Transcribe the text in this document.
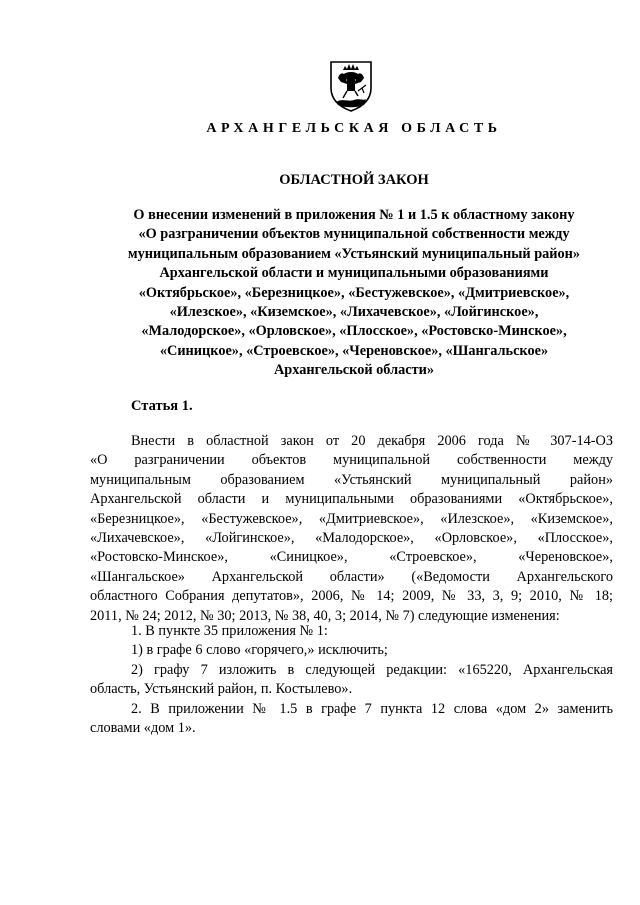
АРХАНГЕЛЬСКАЯ ОБЛАСТЬ
ОБЛАСТНОЙ ЗАКОН
О внесении изменений в приложения № 1 и 1.5 к областному закону
«О разграничении объектов муниципальной собственности между
муниципальным образованием «Устьянский муниципальный район»
Архангельской области и муниципальными образованиями
«Октябрьское», «Березницкое», «Бестужевское», «Дмитриевское»,
«Илезское», «Киземское», «Лихачевское», «Лойгинское»,
«Малодорское», «Орловское», «Плосское», «Ростовско-Минское»,
«Синицкое», «Строевское», «Череновское», «Шангальское»
Архангельской области»
Статья 1.
Внести в областной закон от 20 декабря 2006 года № 307-14-ОЗ
«О разграничении объектов муниципальной собственности между
муниципальным образованием «Устьянский муниципальный район»
Архангельской области и муниципальными образованиями «Октябрьское»,
«Березницкое», «Бестужевское», «Дмитриевское», «Илезское», «Киземское»,
«Лихачевское», «Лойгинское», «Малодорское», «Орловское», «Плосское»,
«Ростовско-Минское», «Синицкое», «Строевское», «Череновское»,
«Шангальское» Архангельской области» («Ведомости Архангельского
областного Собрания депутатов», 2006, № 14; 2009, № 33, 3, 9; 2010, № 18;
2011, № 24; 2012, № 30; 2013, № 38, 40, 3; 2014, № 7) следующие изменения:
1. В пункте 35 приложения № 1:
1) в графе 6 слово «горячего,» исключить;
2) графу 7 изложить в следующей редакции: «165220, Архангельская
область, Устьянский район, п. Костылево».
2. В приложении № 1.5 в графе 7 пункта 12 слова «дом 2» заменить
словами «дом 1».
